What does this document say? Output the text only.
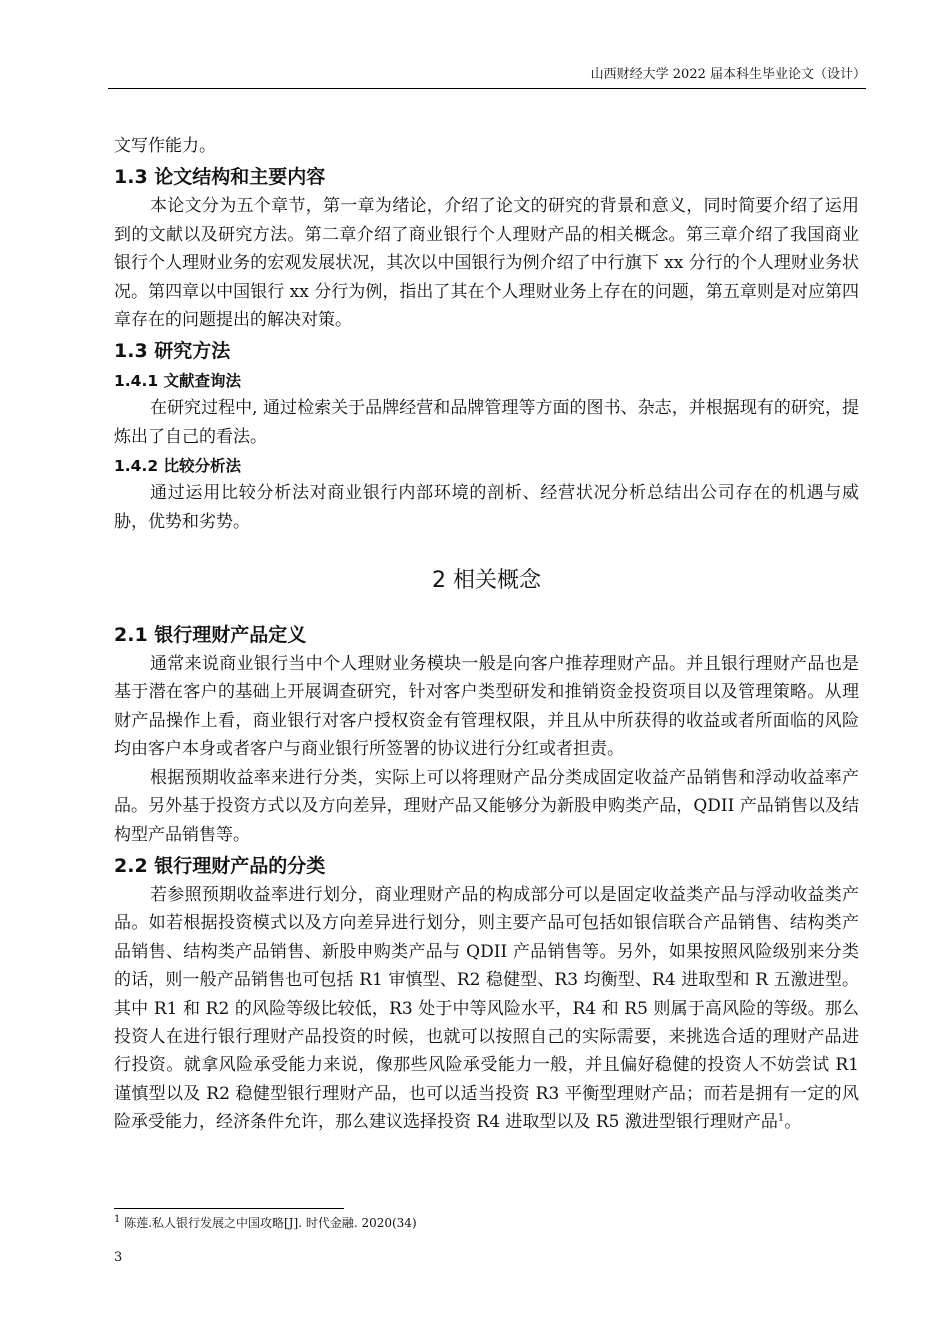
山西财经大学 2022 届本科生毕业论文（设计）

文写作能力。

1.3 论文结构和主要内容

本论文分为五个章节，第一章为绪论，介绍了论文的研究的背景和意义，同时简要介绍了运用到的文献以及研究方法。第二章介绍了商业银行个人理财产品的相关概念。第三章介绍了我国商业银行个人理财业务的宏观发展状况，其次以中国银行为例介绍了中行旗下 xx 分行的个人理财业务状况。第四章以中国银行 xx 分行为例，指出了其在个人理财业务上存在的问题，第五章则是对应第四章存在的问题提出的解决对策。

1.3 研究方法
1.4.1 文献查询法

在研究过程中, 通过检索关于品牌经营和品牌管理等方面的图书、杂志，并根据现有的研究，提炼出了自己的看法。

1.4.2 比较分析法

通过运用比较分析法对商业银行内部环境的剖析、经营状况分析总结出公司存在的机遇与威胁，优势和劣势。

2 相关概念
2.1 银行理财产品定义

通常来说商业银行当中个人理财业务模块一般是向客户推荐理财产品。并且银行理财产品也是基于潜在客户的基础上开展调查研究，针对客户类型研发和推销资金投资项目以及管理策略。从理财产品操作上看，商业银行对客户授权资金有管理权限，并且从中所获得的收益或者所面临的风险均由客户本身或者客户与商业银行所签署的协议进行分红或者担责。

根据预期收益率来进行分类，实际上可以将理财产品分类成固定收益产品销售和浮动收益率产品。另外基于投资方式以及方向差异，理财产品又能够分为新股申购类产品，QDII 产品销售以及结构型产品销售等。

2.2 银行理财产品的分类

若参照预期收益率进行划分，商业理财产品的构成部分可以是固定收益类产品与浮动收益类产品。如若根据投资模式以及方向差异进行划分，则主要产品可包括如银信联合产品销售、结构类产品销售、结构类产品销售、新股申购类产品与 QDII 产品销售等。另外，如果按照风险级别来分类的话，则一般产品销售也可包括 R1 审慎型、R2 稳健型、R3 均衡型、R4 进取型和 R 五激进型。其中 R1 和 R2 的风险等级比较低，R3 处于中等风险水平，R4 和 R5 则属于高风险的等级。那么投资人在进行银行理财产品投资的时候，也就可以按照自己的实际需要，来挑选合适的理财产品进行投资。就拿风险承受能力来说，像那些风险承受能力一般，并且偏好稳健的投资人不妨尝试 R1 谨慎型以及 R2 稳健型银行理财产品，也可以适当投资 R3 平衡型理财产品；而若是拥有一定的风险承受能力，经济条件允许，那么建议选择投资 R4 进取型以及 R5 激进型银行理财产品$^1$。

$^1$ 陈莲.私人银行发展之中国攻略[J]. 时代金融. 2020(34)
3
